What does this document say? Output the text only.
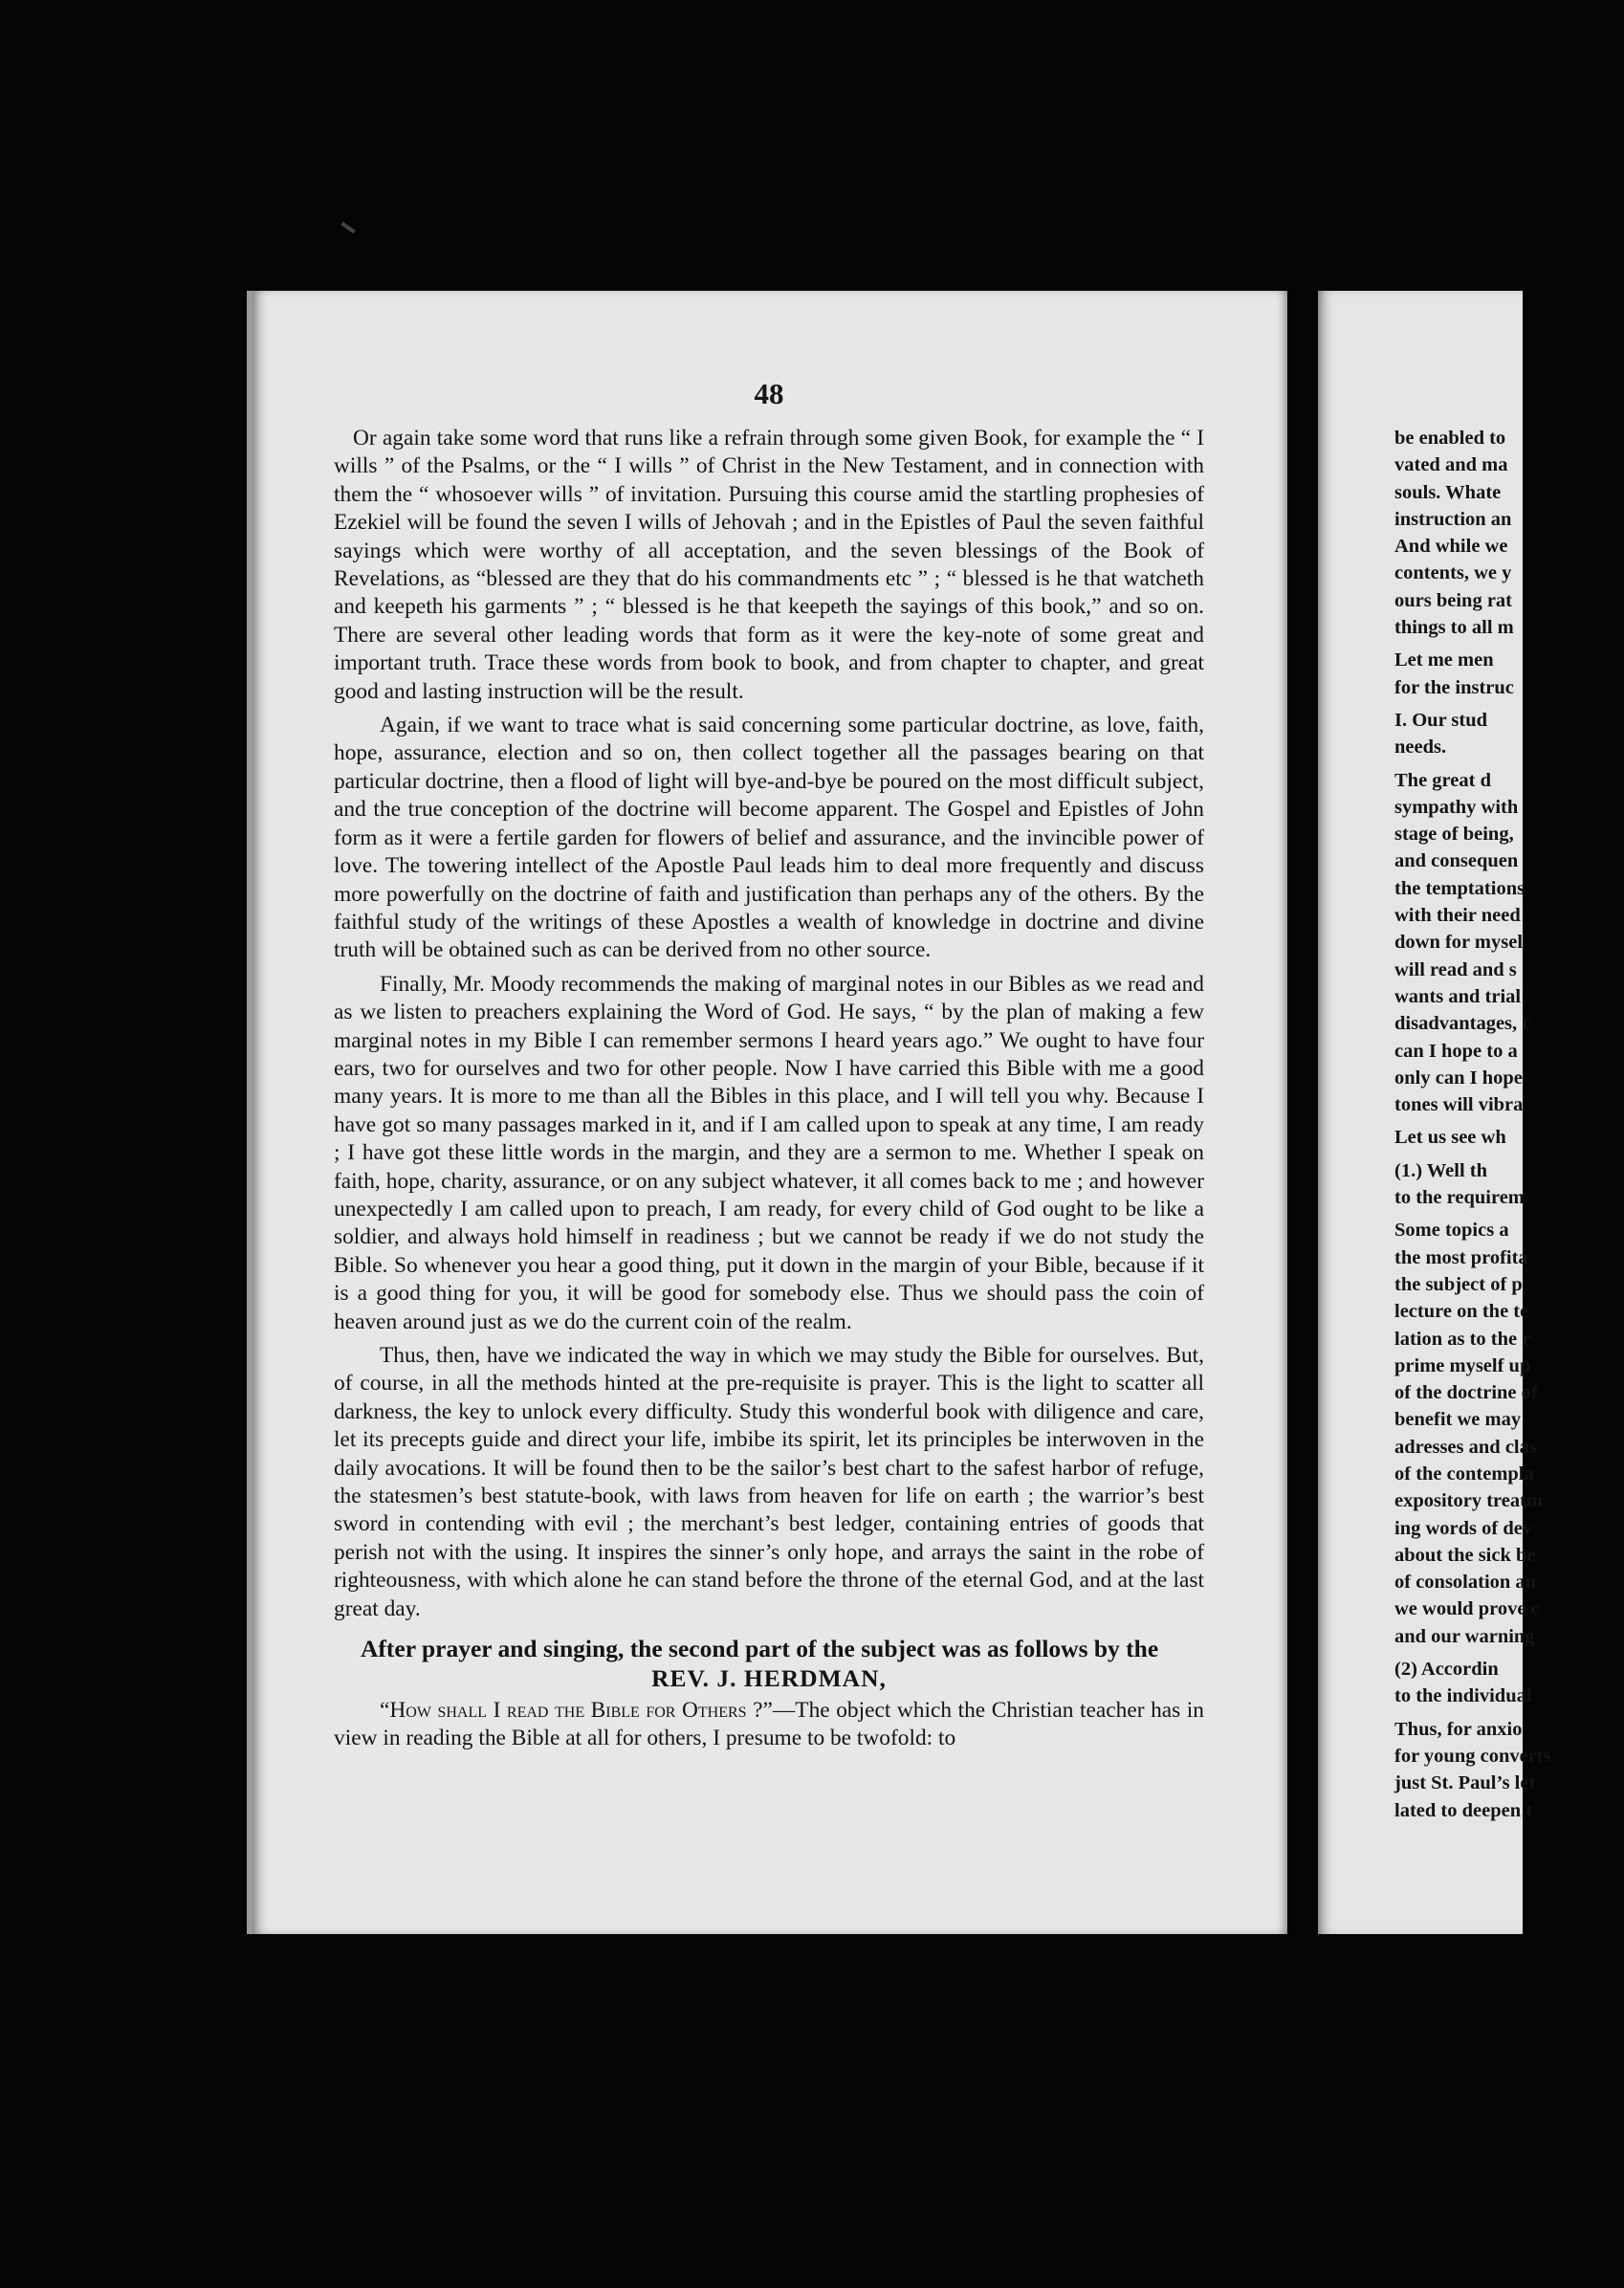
48

Or again take some word that runs like a refrain through some given Book, for example the “ I wills ” of the Psalms, or the “ I wills ” of Christ in the New Testament, and in connection with them the “ whosoever wills ” of invitation. Pursuing this course amid the startling prophesies of Ezekiel will be found the seven I wills of Jehovah ; and in the Epistles of Paul the seven faithful sayings which were worthy of all acceptation, and the seven blessings of the Book of Revelations, as “blessed are they that do his commandments etc ” ; “ blessed is he that watcheth and keepeth his garments ” ; “ blessed is he that keepeth the sayings of this book,” and so on. There are several other leading words that form as it were the key-note of some great and important truth. Trace these words from book to book, and from chapter to chapter, and great good and lasting instruction will be the result.

Again, if we want to trace what is said concerning some particular doctrine, as love, faith, hope, assurance, election and so on, then collect together all the passages bearing on that particular doctrine, then a flood of light will bye-and-bye be poured on the most difficult subject, and the true conception of the doctrine will become apparent. The Gospel and Epistles of John form as it were a fertile garden for flowers of belief and assurance, and the invincible power of love. The towering intellect of the Apostle Paul leads him to deal more frequently and discuss more powerfully on the doctrine of faith and justification than perhaps any of the others. By the faithful study of the writings of these Apostles a wealth of knowledge in doctrine and divine truth will be obtained such as can be derived from no other source.

Finally, Mr. Moody recommends the making of marginal notes in our Bibles as we read and as we listen to preachers explaining the Word of God. He says, “ by the plan of making a few marginal notes in my Bible I can remember sermons I heard years ago.” We ought to have four ears, two for ourselves and two for other people. Now I have carried this Bible with me a good many years. It is more to me than all the Bibles in this place, and I will tell you why. Because I have got so many passages marked in it, and if I am called upon to speak at any time, I am ready ; I have got these little words in the margin, and they are a sermon to me. Whether I speak on faith, hope, charity, assurance, or on any subject whatever, it all comes back to me ; and however unexpectedly I am called upon to preach, I am ready, for every child of God ought to be like a soldier, and always hold himself in readiness ; but we cannot be ready if we do not study the Bible. So whenever you hear a good thing, put it down in the margin of your Bible, because if it is a good thing for you, it will be good for somebody else. Thus we should pass the coin of heaven around just as we do the current coin of the realm.

Thus, then, have we indicated the way in which we may study the Bible for ourselves. But, of course, in all the methods hinted at the pre-requisite is prayer. This is the light to scatter all darkness, the key to unlock every difficulty. Study this wonderful book with diligence and care, let its precepts guide and direct your life, imbibe its spirit, let its principles be interwoven in the daily avocations. It will be found then to be the sailor’s best chart to the safest harbor of refuge, the statesmen’s best statute-book, with laws from heaven for life on earth ; the warrior’s best sword in contending with evil ; the merchant’s best ledger, containing entries of goods that perish not with the using. It inspires the sinner’s only hope, and arrays the saint in the robe of righteousness, with which alone he can stand before the throne of the eternal God, and at the last great day.

After prayer and singing, the second part of the subject was as follows by the

REV. J. HERDMAN,

“How shall I read the Bible for Others ?”—The object which the Christian teacher has in view in reading the Bible at all for others, I presume to be twofold: to

be enabled to
vated and ma
souls. Whate
instruction an
And while we
contents, we y
ours being rat
things to all m
Let me men
for the instruc
I. Our stud
needs.
The great d
sympathy with
stage of being,
and consequen
the temptations
with their need
down for mysel
will read and s
wants and trial
disadvantages, c
can I hope to a
only can I hope
tones will vibra
Let us see wh
(1.) Well th
to the requirem
Some topics a
the most profita
the subject of p
lecture on the te
lation as to the r
prime myself up
of the doctrine of
benefit we may
adresses and clas
of the contempla
expository treatm
ing words of dev
about the sick be
of consolation an
we would prove c
and our warning
(2) Accordin
to the individual
Thus, for anxio
for young converts
just St. Paul’s let
lated to deepen t
